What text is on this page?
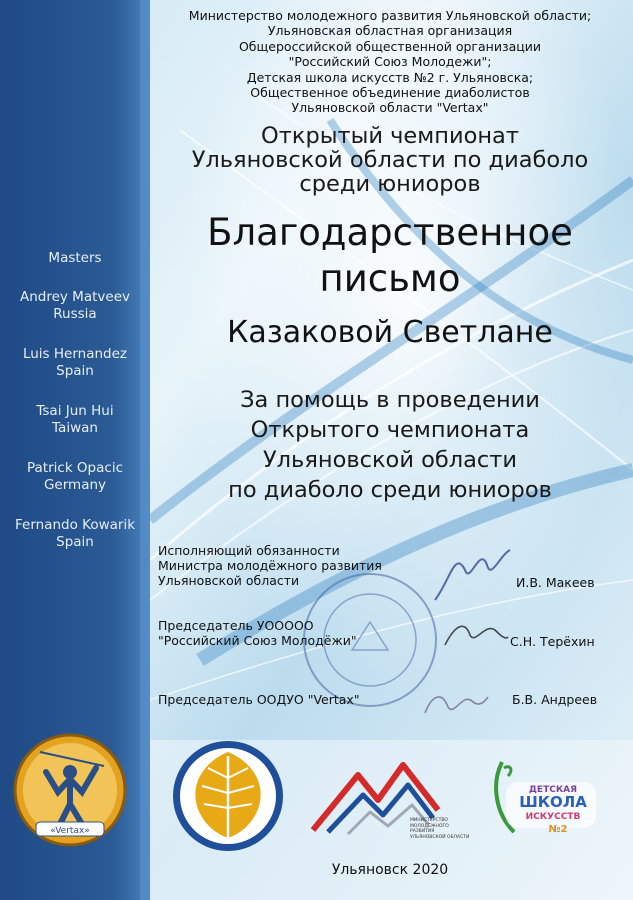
Министерство молодежного развития Ульяновской области;
Ульяновская областная организация
Общероссийской общественной организации
"Российский Союз Молодежи";
Детская школа искусств №2 г. Ульяновска;
Общественное объединение диаболистов
Ульяновской области "Vertax"
Открытый чемпионат
Ульяновской области по диаболо
среди юниоров
Благодарственное
письмо
Казаковой Светлане
За помощь в проведении
Открытого чемпионата
Ульяновской области
по диаболо среди юниоров
Masters
Andrey Matveev
Russia
Luis Hernandez
Spain
Tsai Jun Hui
Taiwan
Patrick Opacic
Germany
Fernando Kowarik
Spain
Исполняющий обязанности
Министра молодёжного развития
Ульяновской области	И.В. Макеев
Председатель УООООО
"Российский Союз Молодёжи"	С.Н. Терёхин
Председатель ООДУО "Vertax"	Б.В. Андреев
«Vertax»
МИНИСТЕРСТВО МОЛОДЁЖНОГО РАЗВИТИЯ УЛЬЯНОВСКОЙ ОБЛАСТИ
ДЕТСКАЯ
ШКОЛА
ИСКУССТВ
№2
Ульяновск 2020
